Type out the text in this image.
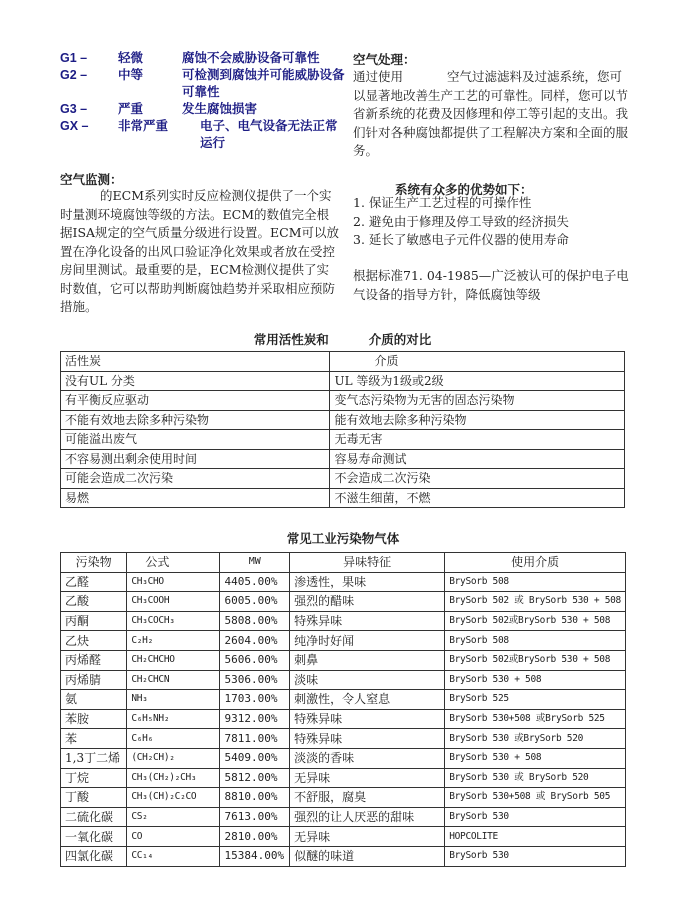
G1 –	轻微	腐蚀不会威胁设备可靠性
G2 –	中等	可检测到腐蚀并可能威胁设备可靠性
G3 –	严重	发生腐蚀损害
GX –	非常严重	电子、电气设备无法正常运行
空气监测：
的ECM系列实时反应检测仪提供了一个实时量测环境腐蚀等级的方法。ECM的数值完全根据ISA规定的空气质量分级进行设置。ECM可以放置在净化设备的出风口验证净化效果或者放在受控房间里测试。最重要的是，ECM检测仪提供了实时数值，它可以帮助判断腐蚀趋势并采取相应预防措施。
空气处理：
通过使用	空气过滤滤料及过滤系统，您可以显著地改善生产工艺的可靠性。同样，您可以节省新系统的花费及因修理和停工等引起的支出。我们针对各种腐蚀都提供了工程解决方案和全面的服务。
系统有众多的优势如下：
1. 保证生产工艺过程的可操作性
2. 避免由于修理及停工导致的经济损失
3. 延长了敏感电子元件仪器的使用寿命
根据标准71. 04-1985—广泛被认可的保护电子电气设备的指导方针，降低腐蚀等级
常用活性炭和	介质的对比
活性炭	介质
没有UL 分类	UL 等级为1级或2级
有平衡反应驱动	变气态污染物为无害的固态污染物
不能有效地去除多种污染物	能有效地去除多种污染物
可能溢出废气	无毒无害
不容易测出剩余使用时间	容易寿命测试
可能会造成二次污染	不会造成二次污染
易燃	不滋生细菌，不燃
常见工业污染物气体
污染物	公式	MW	异味特征	使用介质
乙醛	CH₃CHO	4405.00%	渗透性，果味	BrySorb 508
乙酸	CH₃COOH	6005.00%	强烈的醋味	BrySorb 502 或 BrySorb 530 + 508
丙酮	CH₃COCH₃	5808.00%	特殊异味	BrySorb 502或BrySorb 530 + 508
乙炔	C₂H₂	2604.00%	纯净时好闻	BrySorb 508
丙烯醛	CH₂CHCHO	5606.00%	刺鼻	BrySorb 502或BrySorb 530 + 508
丙烯腈	CH₂CHCN	5306.00%	淡味	BrySorb 530 + 508
氨	NH₃	1703.00%	刺激性，令人窒息	BrySorb 525
苯胺	C₆H₅NH₂	9312.00%	特殊异味	BrySorb 530+508 或BrySorb 525
苯	C₆H₆	7811.00%	特殊异味	BrySorb 530 或BrySorb 520
1,3丁二烯	(CH₂CH)₂	5409.00%	淡淡的香味	BrySorb 530 + 508
丁烷	CH₃(CH₂)₂CH₃	5812.00%	无异味	BrySorb 530 或 BrySorb 520
丁酸	CH₃(CH)₂C₂CO	8810.00%	不舒服，腐臭	BrySorb 530+508 或 BrySorb 505
二硫化碳	CS₂	7613.00%	强烈的让人厌恶的甜味	BrySorb 530
一氧化碳	CO	2810.00%	无异味	HOPCOLITE
四氯化碳	CC₁₄	15384.00%	似醚的味道	BrySorb 530
